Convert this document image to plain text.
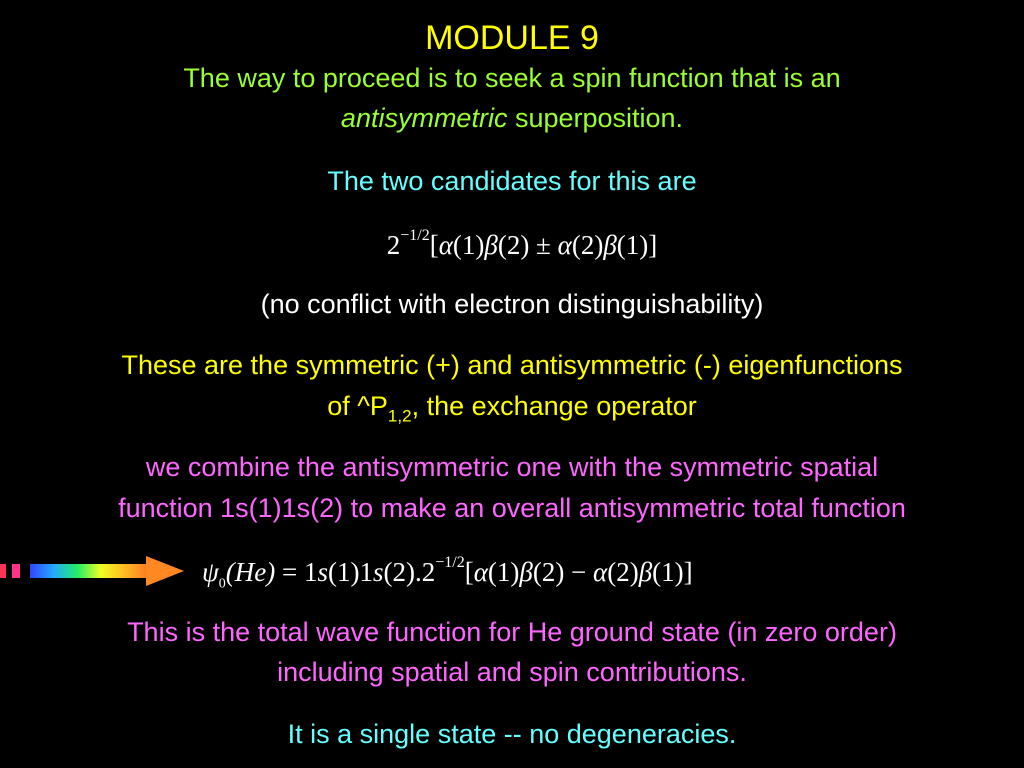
MODULE 9
The way to proceed is to seek a spin function that is an
antisymmetric superposition.
The two candidates for this are
$2^{-1/2}[\alpha(1)\beta(2) \pm \alpha(2)\beta(1)]$
(no conflict with electron distinguishability)
These are the symmetric (+) and antisymmetric (-) eigenfunctions
of $\^{}P_{1,2}$, the exchange operator
we combine the antisymmetric one with the symmetric spatial
function 1s(1)1s(2) to make an overall antisymmetric total function
$\psi_0(He) = 1s(1)1s(2).2^{-1/2}[\alpha(1)\beta(2) - \alpha(2)\beta(1)]$
This is the total wave function for He ground state (in zero order)
including spatial and spin contributions.
It is a single state -- no degeneracies.
